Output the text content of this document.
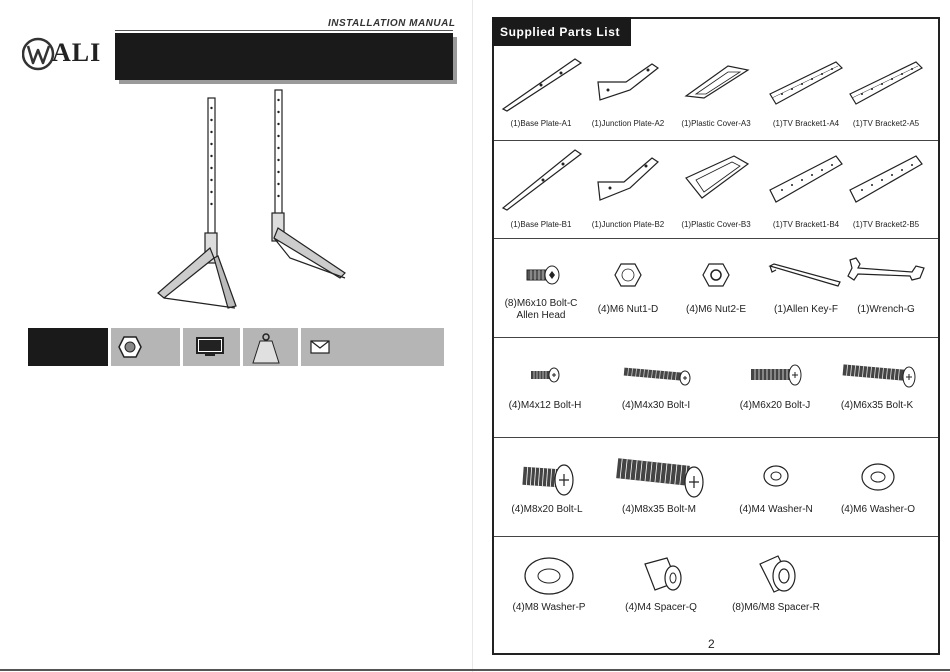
INSTALLATION MANUAL
ALI
Supplied Parts List
(1)Base Plate-A1	(1)Junction Plate-A2 (1)Plastic Cover-A3	(1)TV Bracket1-A4 (1)TV Bracket2-A5
(1)Base Plate-B1	(1)Junction Plate-B2 (1)Plastic Cover-B3	(1)TV Bracket1-B4 (1)TV Bracket2-B5
(8)M6x10 Bolt-C
Allen Head
(4)M6 Nut1-D	(4)M6 Nut2-E	(1)Allen Key-F (1)Wrench-G
(4)M4x12 Bolt-H	(4)M4x30 Bolt-I	(4)M6x20 Bolt-J	(4)M6x35 Bolt-K
(4)M8x20 Bolt-L	(4)M8x35 Bolt-M	(4)M4 Washer-N	(4)M6 Washer-O
(4)M8 Washer-P	(4)M4 Spacer-Q	(8)M6/M8 Spacer-R
2
